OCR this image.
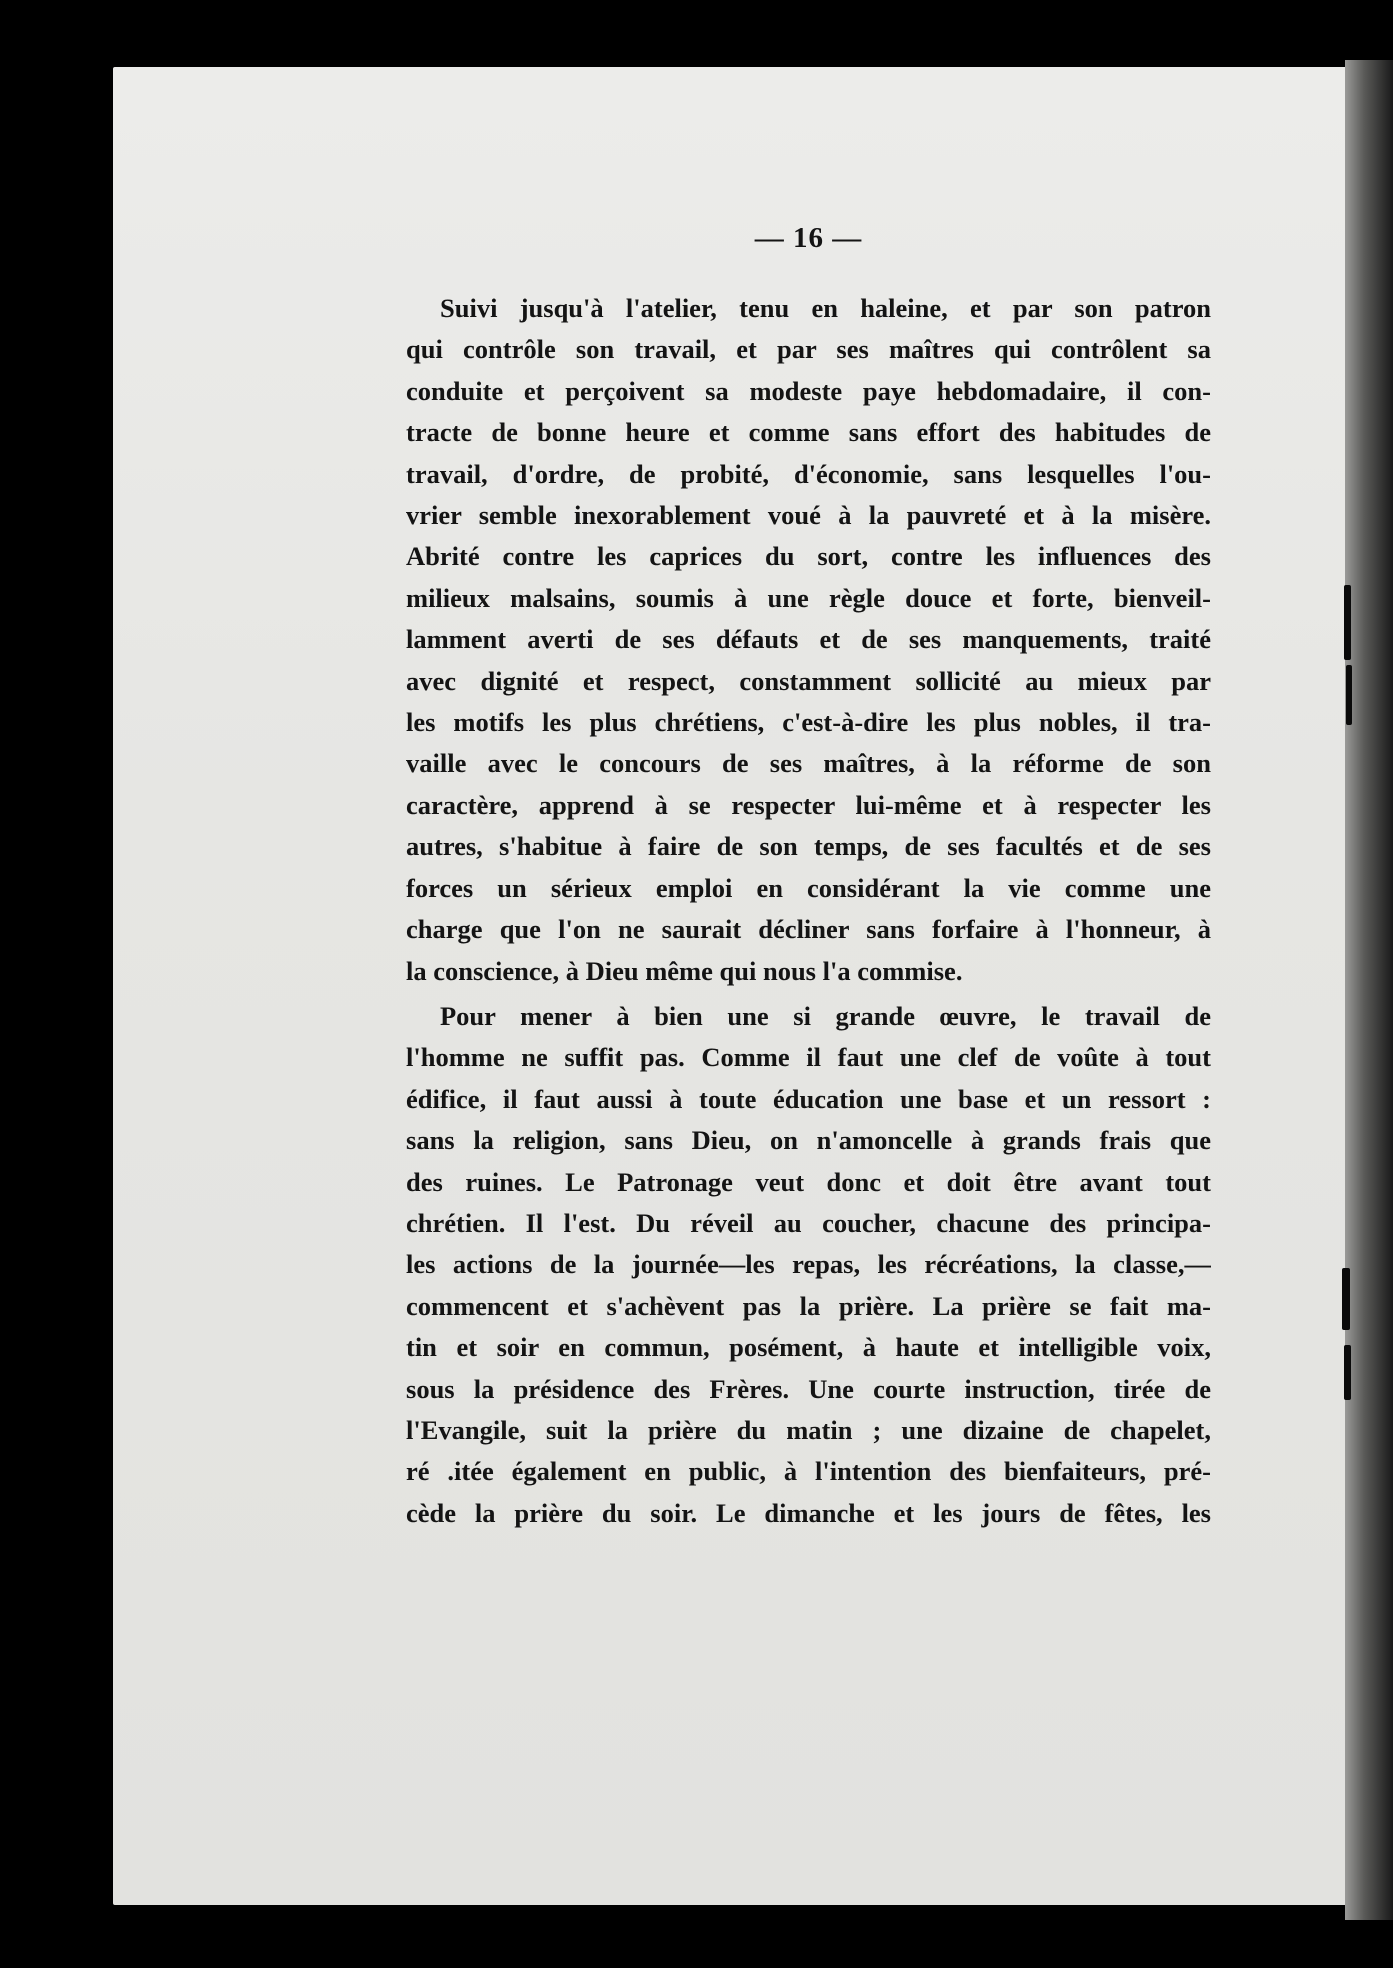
— 16 —
Suivi jusqu'à l'atelier, tenu en haleine, et par son patron
qui contrôle son travail, et par ses maîtres qui contrôlent sa
conduite et perçoivent sa modeste paye hebdomadaire, il con-
tracte de bonne heure et comme sans effort des habitudes de
travail, d'ordre, de probité, d'économie, sans lesquelles l'ou-
vrier semble inexorablement voué à la pauvreté et à la misère.
Abrité contre les caprices du sort, contre les influences des
milieux malsains, soumis à une règle douce et forte, bienveil-
lamment averti de ses défauts et de ses manquements, traité
avec dignité et respect, constamment sollicité au mieux par
les motifs les plus chrétiens, c'est-à-dire les plus nobles, il tra-
vaille avec le concours de ses maîtres, à la réforme de son
caractère, apprend à se respecter lui-même et à respecter les
autres, s'habitue à faire de son temps, de ses facultés et de ses
forces un sérieux emploi en considérant la vie comme une
charge que l'on ne saurait décliner sans forfaire à l'honneur, à
la conscience, à Dieu même qui nous l'a commise.
Pour mener à bien une si grande œuvre, le travail de
l'homme ne suffit pas. Comme il faut une clef de voûte à tout
édifice, il faut aussi à toute éducation une base et un ressort :
sans la religion, sans Dieu, on n'amoncelle à grands frais que
des ruines. Le Patronage veut donc et doit être avant tout
chrétien. Il l'est. Du réveil au coucher, chacune des principa-
les actions de la journée—les repas, les récréations, la classe,—
commencent et s'achèvent pas la prière. La prière se fait ma-
tin et soir en commun, posément, à haute et intelligible voix,
sous la présidence des Frères. Une courte instruction, tirée de
l'Evangile, suit la prière du matin ; une dizaine de chapelet,
ré .itée également en public, à l'intention des bienfaiteurs, pré-
cède la prière du soir. Le dimanche et les jours de fêtes, les
